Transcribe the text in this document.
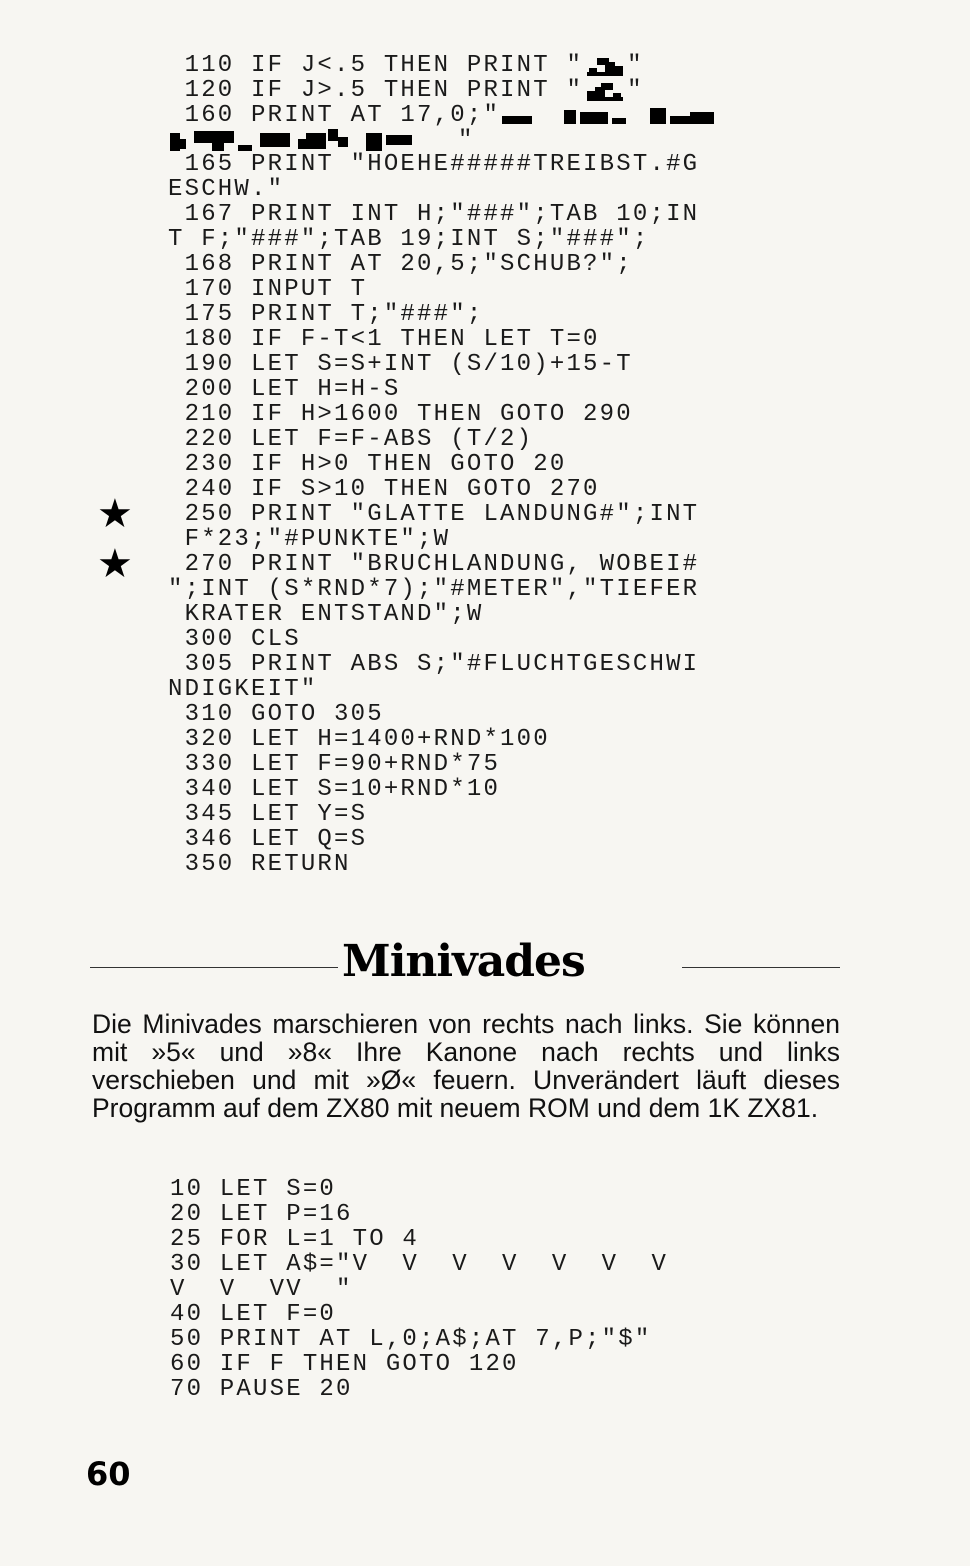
110 IF J<.5 THEN PRINT " "
120 IF J>.5 THEN PRINT " "
160 PRINT AT 17,0;"
"
165 PRINT "HOEHE#####TREIBST.#G
ESCHW."
167 PRINT INT H;"###";TAB 10;IN
T F;"###";TAB 19;INT S;"###";
168 PRINT AT 20,5;"SCHUB?";
170 INPUT T
175 PRINT T;"###";
180 IF F-T<1 THEN LET T=0
190 LET S=S+INT (S/10)+15-T
200 LET H=H-S
210 IF H>1600 THEN GOTO 290
220 LET F=F-ABS (T/2)
230 IF H>0 THEN GOTO 20
240 IF S>10 THEN GOTO 270
250 PRINT "GLATTE LANDUNG#";INT
F*23;"#PUNKTE";W
270 PRINT "BRUCHLANDUNG, WOBEI#
";INT (S*RND*7);"#METER","TIEFER
KRATER ENTSTAND";W
300 CLS
305 PRINT ABS S;"#FLUCHTGESCHWI
NDIGKEIT"
310 GOTO 305
320 LET H=1400+RND*100
330 LET F=90+RND*75
340 LET S=10+RND*10
345 LET Y=S
346 LET Q=S
350 RETURN
★
★
Minivades

Die Minivades marschieren von rechts nach links. Sie können mit »5« und »8« Ihre Kanone nach rechts und links verschieben und mit »Ø« feuern. Unverändert läuft dieses Programm auf dem ZX80 mit neuem ROM und dem 1K ZX81.

10 LET S=0
20 LET P=16
25 FOR L=1 TO 4
30 LET A$="V  V  V  V  V  V  V
V  V  VV  "
40 LET F=0
50 PRINT AT L,0;A$;AT 7,P;"$"
60 IF F THEN GOTO 120
70 PAUSE 20
60
